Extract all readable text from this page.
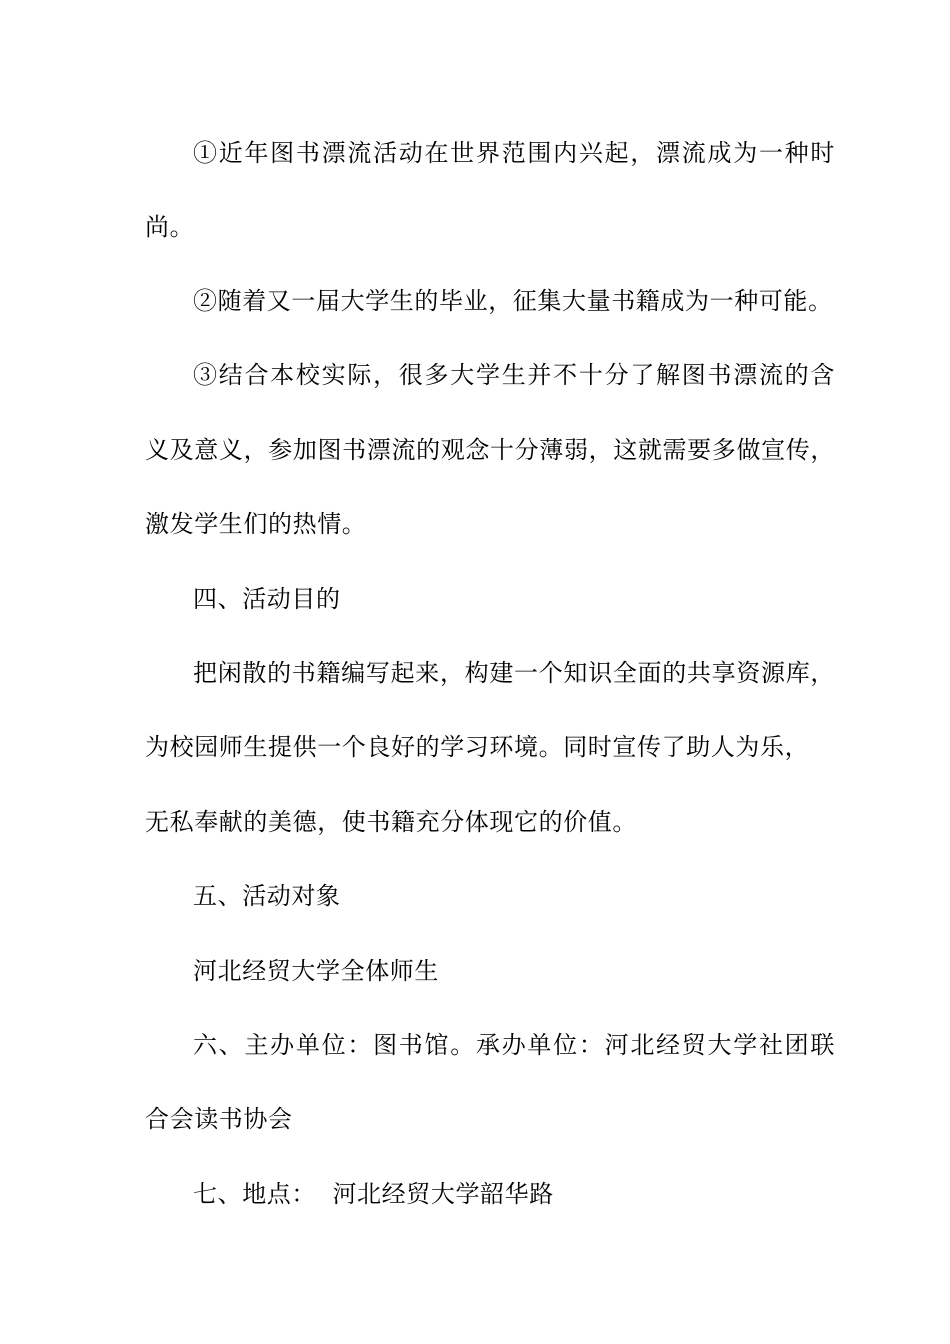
①近年图书漂流活动在世界范围内兴起，漂流成为一种时
尚。
②随着又一届大学生的毕业，征集大量书籍成为一种可能。
③结合本校实际，很多大学生并不十分了解图书漂流的含
义及意义，参加图书漂流的观念十分薄弱，这就需要多做宣传，
激发学生们的热情。
四、活动目的
把闲散的书籍编写起来，构建一个知识全面的共享资源库，
为校园师生提供一个良好的学习环境。同时宣传了助人为乐，
无私奉献的美德，使书籍充分体现它的价值。
五、活动对象
河北经贸大学全体师生
六、主办单位：图书馆。承办单位：河北经贸大学社团联
合会读书协会
七、地点：  河北经贸大学韶华路
